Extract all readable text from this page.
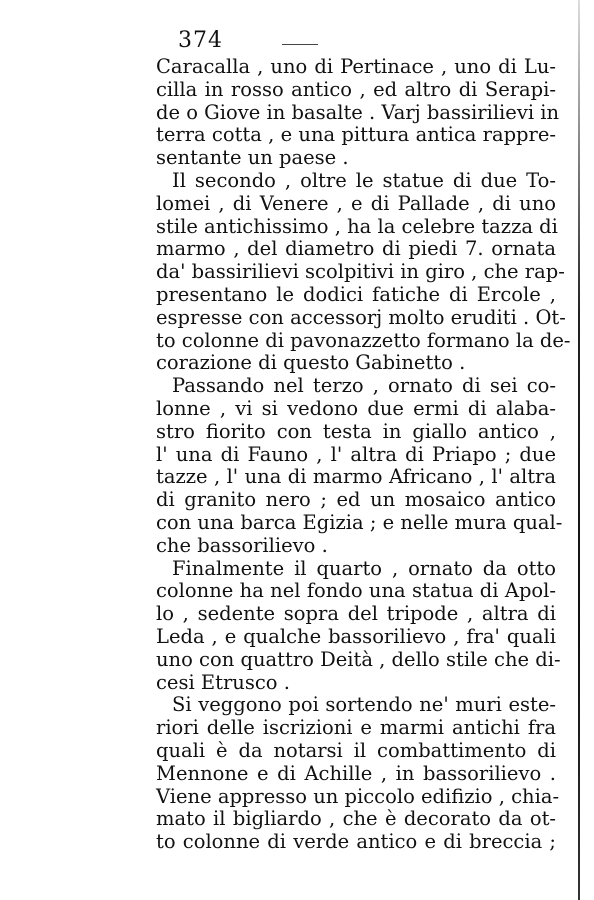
374
Caracalla , uno di Pertinace , uno di Lu-
cilla in rosso antico , ed altro di Serapi-
de o Giove in basalte . Varj bassirilievi in
terra cotta , e una pittura antica rappre-
sentante un paese .
Il secondo , oltre le statue di due To-
lomei , di Venere , e di Pallade , di uno
stile antichissimo , ha la celebre tazza di
marmo , del diametro di piedi 7. ornata
da' bassirilievi scolpitivi in giro , che rap-
presentano le dodici fatiche di Ercole ,
espresse con accessorj molto eruditi . Ot-
to colonne di pavonazzetto formano la de-
corazione di questo Gabinetto .
Passando nel terzo , ornato di sei co-
lonne , vi si vedono due ermi di alaba-
stro fiorito con testa in giallo antico ,
l' una di Fauno , l' altra di Priapo ; due
tazze , l' una di marmo Africano , l' altra
di granito nero ; ed un mosaico antico
con una barca Egizia ; e nelle mura qual-
che bassorilievo .
Finalmente il quarto , ornato da otto
colonne ha nel fondo una statua di Apol-
lo , sedente sopra del tripode , altra di
Leda , e qualche bassorilievo , fra' quali
uno con quattro Deità , dello stile che di-
cesi Etrusco .
Si veggono poi sortendo ne' muri este-
riori delle iscrizioni e marmi antichi fra
quali è da notarsi il combattimento di
Mennone e di Achille , in bassorilievo .
Viene appresso un piccolo edifizio , chia-
mato il bigliardo , che è decorato da ot-
to colonne di verde antico e di breccia ;
